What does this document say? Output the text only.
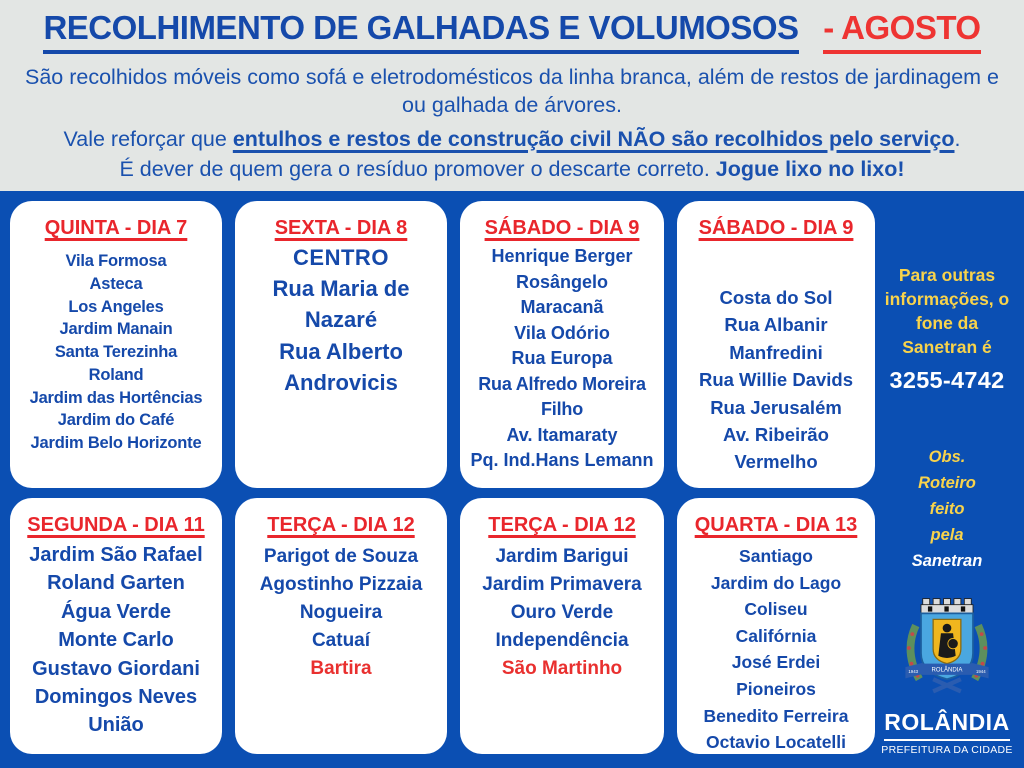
RECOLHIMENTO DE GALHADAS E VOLUMOSOS - AGOSTO

São recolhidos móveis como sofá e eletrodomésticos da linha branca, além de restos de jardinagem e ou galhada de árvores.

Vale reforçar que entulhos e restos de construção civil NÃO são recolhidos pelo serviço.

É dever de quem gera o resíduo promover o descarte correto. Jogue lixo no lixo!

QUINTA - DIA 7
Vila Formosa
Asteca
Los Angeles
Jardim Manain
Santa Terezinha
Roland
Jardim das Hortências
Jardim do Café
Jardim Belo Horizonte
SEXTA - DIA 8
CENTRO
Rua Maria de Nazaré
Rua Alberto Androvicis
SÁBADO - DIA 9
Henrique Berger
Rosângelo
Maracanã
Vila Odório
Rua Europa
Rua Alfredo Moreira Filho
Av. Itamaraty
Pq. Ind.Hans Lemann
SÁBADO - DIA 9
Costa do Sol
Rua Albanir Manfredini
Rua Willie Davids
Rua Jerusalém
Av. Ribeirão Vermelho
SEGUNDA - DIA 11
Jardim São Rafael
Roland Garten
Água Verde
Monte Carlo
Gustavo Giordani
Domingos Neves
União
TERÇA - DIA 12
Parigot de Souza
Agostinho Pizzaia
Nogueira
Catuaí
Bartira
TERÇA - DIA 12
Jardim Barigui
Jardim Primavera
Ouro Verde
Independência
São Martinho
QUARTA - DIA 13
Santiago
Jardim do Lago
Coliseu
Califórnia
José Erdei
Pioneiros
Benedito Ferreira
Octavio Locatelli

Para outras informações, o fone da Sanetran é

3255-4742

Obs.
Roteiro
feito
pela

Sanetran

ROLÂNDIA
1943	1944
ROLÂNDIA

PREFEITURA DA CIDADE
